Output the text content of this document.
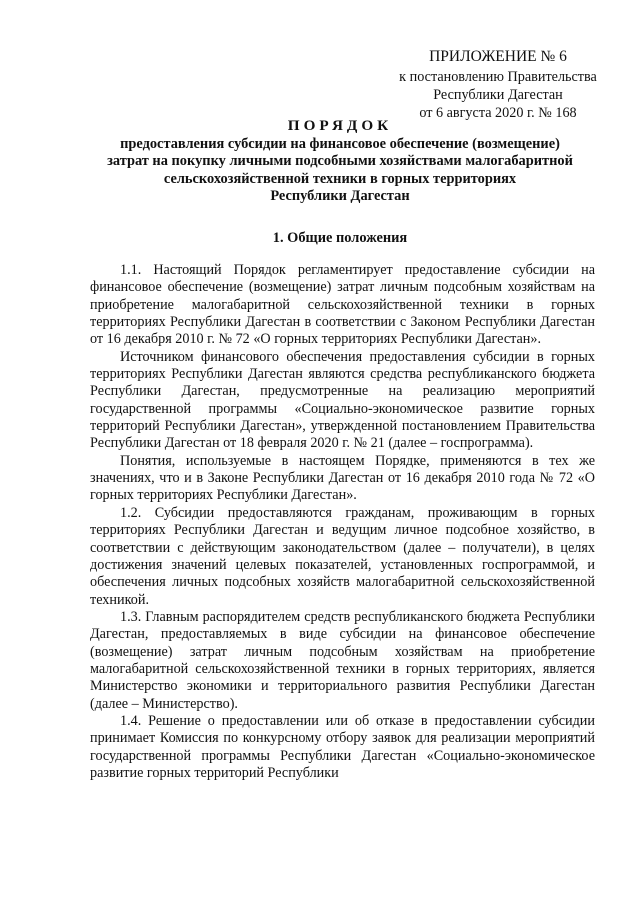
ПРИЛОЖЕНИЕ № 6
к постановлению Правительства
Республики Дагестан
от 6 августа 2020 г. № 168
ПОРЯДОК
предоставления субсидии на финансовое обеспечение (возмещение)
затрат на покупку личными подсобными хозяйствами малогабаритной
сельскохозяйственной техники в горных территориях
Республики Дагестан
1. Общие положения

1.1. Настоящий Порядок регламентирует предоставление субсидии на финансовое обеспечение (возмещение) затрат личным подсобным хозяйствам на приобретение малогабаритной сельскохозяйственной техники в горных территориях Республики Дагестан в соответствии с Законом Республики Дагестан от 16 декабря 2010 г. № 72 «О горных территориях Республики Дагестан».

Источником финансового обеспечения предоставления субсидии в горных территориях Республики Дагестан являются средства республиканского бюджета Республики Дагестан, предусмотренные на реализацию мероприятий государственной программы «Социально-экономическое развитие горных территорий Республики Дагестан», утвержденной постановлением Правительства Республики Дагестан от 18 февраля 2020 г. № 21 (далее – госпрограмма).

Понятия, используемые в настоящем Порядке, применяются в тех же значениях, что и в Законе Республики Дагестан от 16 декабря 2010 года № 72 «О горных территориях Республики Дагестан».

1.2. Субсидии предоставляются гражданам, проживающим в горных территориях Республики Дагестан и ведущим личное подсобное хозяйство, в соответствии с действующим законодательством (далее – получатели), в целях достижения значений целевых показателей, установленных госпрограммой, и обеспечения личных подсобных хозяйств малогабаритной сельскохозяйственной техникой.

1.3. Главным распорядителем средств республиканского бюджета Республики Дагестан, предоставляемых в виде субсидии на финансовое обеспечение (возмещение) затрат личным подсобным хозяйствам на приобретение малогабаритной сельскохозяйственной техники в горных территориях, является Министерство экономики и территориального развития Республики Дагестан (далее – Министерство).

1.4. Решение о предоставлении или об отказе в предоставлении субсидии принимает Комиссия по конкурсному отбору заявок для реализации мероприятий государственной программы Республики Дагестан «Социально-экономическое развитие горных территорий Республики
